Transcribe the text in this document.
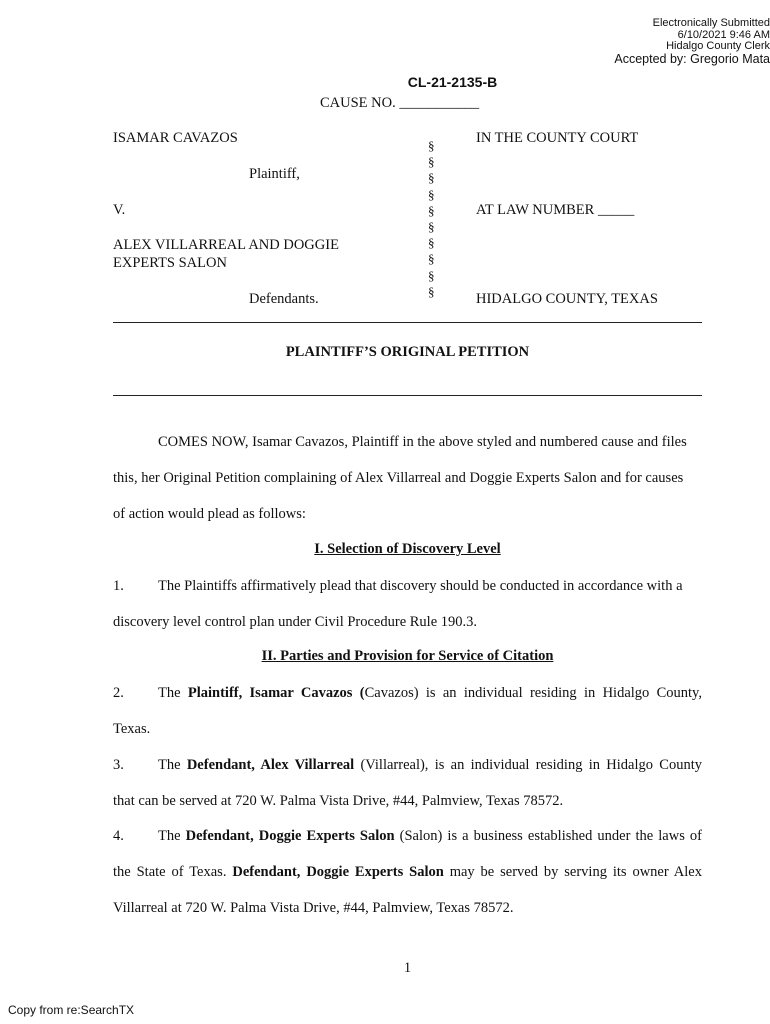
Electronically Submitted
6/10/2021 9:46 AM
Hidalgo County Clerk
Accepted by: Gregorio Mata
CL-21-2135-B
CAUSE NO. ___________
ISAMAR CAVAZOS
Plaintiff,
V.
ALEX VILLARREAL AND DOGGIE
EXPERTS SALON
Defendants.
§
§
§
§
§
§
§
§
§
§
IN THE COUNTY COURT
AT LAW NUMBER _____
HIDALGO COUNTY, TEXAS
PLAINTIFF’S ORIGINAL PETITION
COMES NOW, Isamar Cavazos, Plaintiff in the above styled and numbered cause and files
this, her Original Petition complaining of Alex Villarreal and Doggie Experts Salon and for causes
of action would plead as follows:
I. Selection of Discovery Level
1. The Plaintiffs affirmatively plead that discovery should be conducted in accordance with a
discovery level control plan under Civil Procedure Rule 190.3.
II. Parties and Provision for Service of Citation
2. The Plaintiff, Isamar Cavazos (Cavazos) is an individual residing in Hidalgo County,
Texas.
3. The Defendant, Alex Villarreal (Villarreal), is an individual residing in Hidalgo County
that can be served at 720 W. Palma Vista Drive, #44, Palmview, Texas 78572.
4. The Defendant, Doggie Experts Salon (Salon) is a business established under the laws of
the State of Texas. Defendant, Doggie Experts Salon may be served by serving its owner Alex
Villarreal at 720 W. Palma Vista Drive, #44, Palmview, Texas 78572.
1
Copy from re:SearchTX
